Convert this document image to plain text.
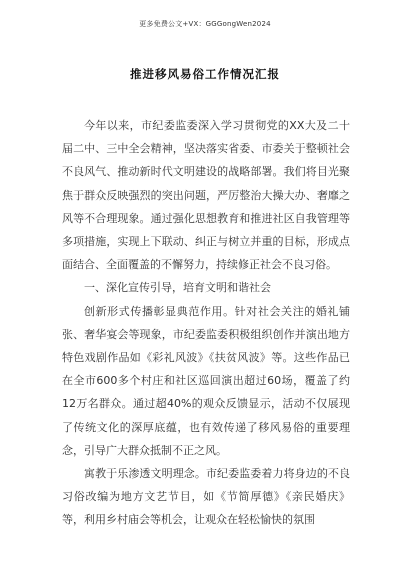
更多免费公文+VX：GGGongWen2024
推进移风易俗工作情况汇报

今年以来，市纪委监委深入学习贯彻党的XX大及二十届二中、三中全会精神，坚决落实省委、市委关于整顿社会不良风气、推动新时代文明建设的战略部署。我们将目光聚焦于群众反映强烈的突出问题，严厉整治大操大办、奢靡之风等不合理现象。通过强化思想教育和推进社区自我管理等多项措施，实现上下联动、纠正与树立并重的目标，形成点面结合、全面覆盖的不懈努力，持续修正社会不良习俗。

一、深化宣传引导，培育文明和谐社会

创新形式传播彰显典范作用。针对社会关注的婚礼铺张、奢华宴会等现象，市纪委监委积极组织创作并演出地方特色戏剧作品如《彩礼风波》《扶贫风波》等。这些作品已在全市600多个村庄和社区巡回演出超过60场，覆盖了约12万名群众。通过超40%的观众反馈显示，活动不仅展现了传统文化的深厚底蕴，也有效传递了移风易俗的重要理念，引导广大群众抵制不正之风。

寓教于乐渗透文明理念。市纪委监委着力将身边的不良习俗改编为地方文艺节目，如《节简厚德》《亲民婚庆》等，利用乡村庙会等机会，让观众在轻松愉快的氛围
